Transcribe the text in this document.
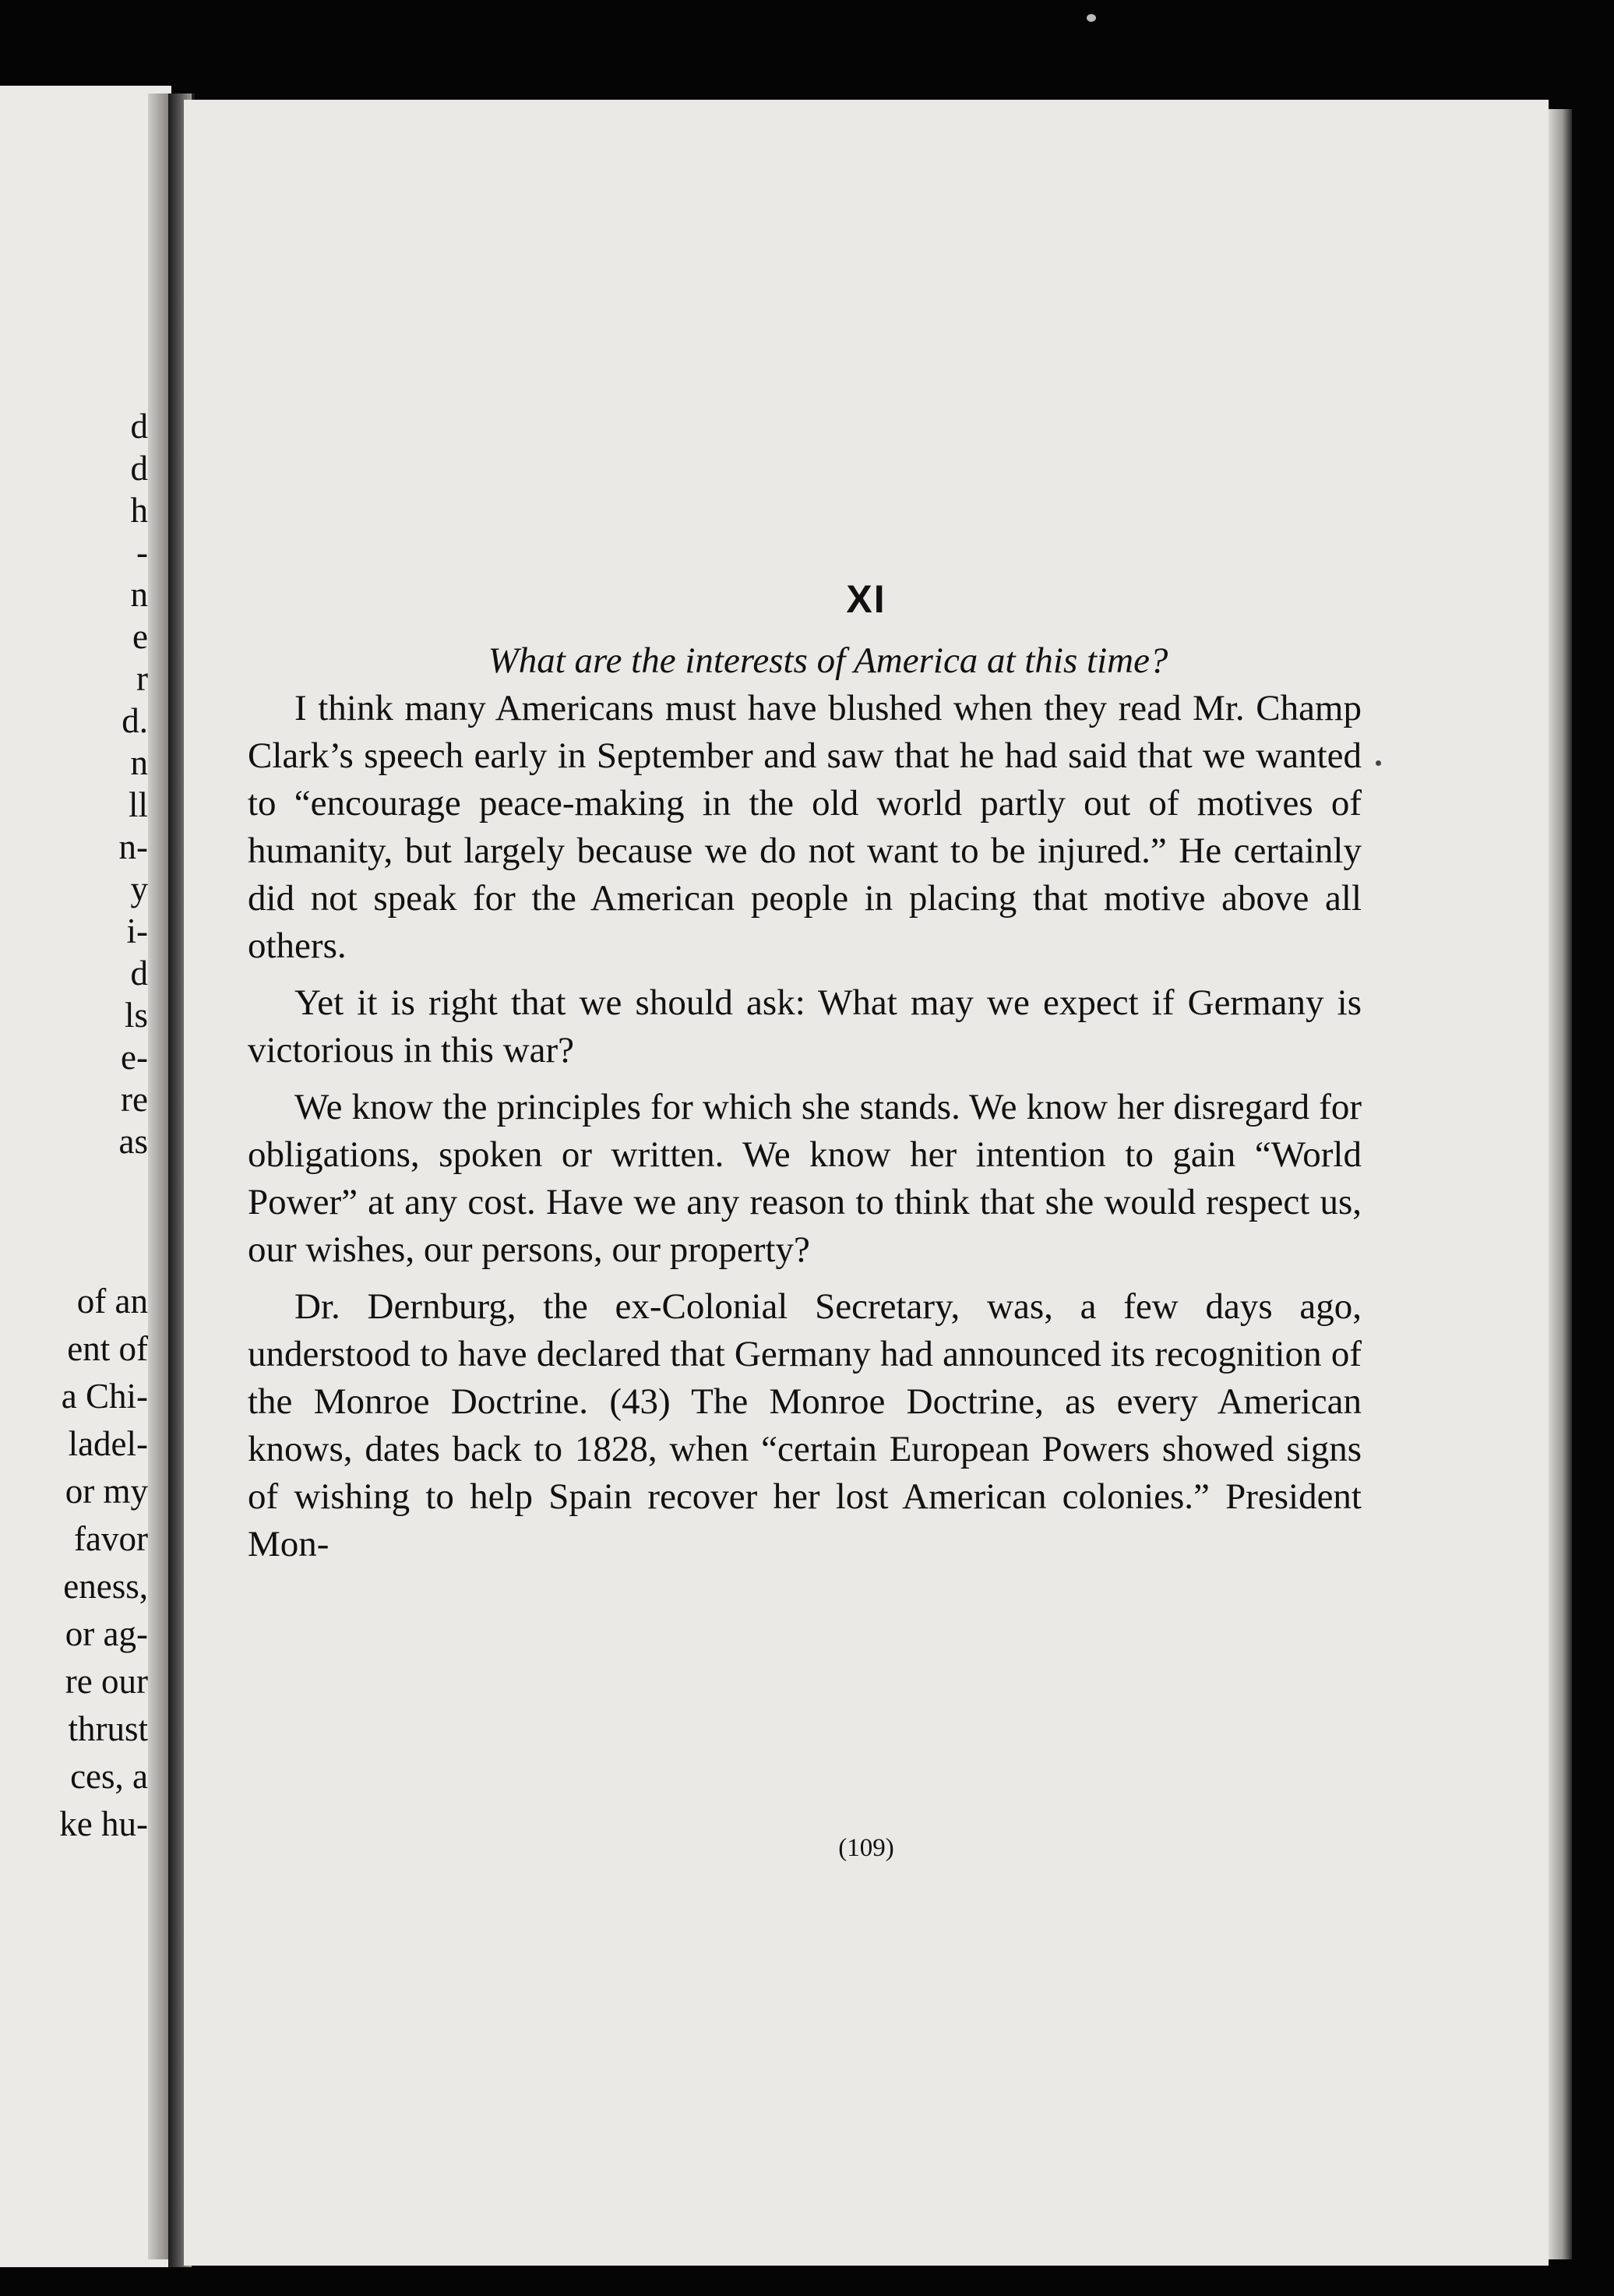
d
d
h
-
n
e
r
d.
n
ll
n-
y
i-
d
ls
e-
re
as
of an
ent of
a Chi-
ladel-
or my
favor
eness,
or ag-
re our
thrust
ces, a
ke hu-
XI

What are the interests of America at this time?

I think many Americans must have blushed when they read Mr. Champ Clark’s speech early in September and saw that he had said that we wanted to “encourage peace-making in the old world partly out of motives of humanity, but largely because we do not want to be injured.” He certainly did not speak for the American people in placing that motive above all others.

Yet it is right that we should ask: What may we expect if Germany is victorious in this war?

We know the principles for which she stands. We know her disregard for obligations, spoken or written. We know her intention to gain “World Power” at any cost. Have we any reason to think that she would respect us, our wishes, our persons, our property?

Dr. Dernburg, the ex-Colonial Secretary, was, a few days ago, understood to have declared that Germany had announced its recognition of the Monroe Doctrine. (43) The Monroe Doctrine, as every American knows, dates back to 1828, when “certain European Powers showed signs of wishing to help Spain recover her lost American colonies.” President Mon-

(109)
